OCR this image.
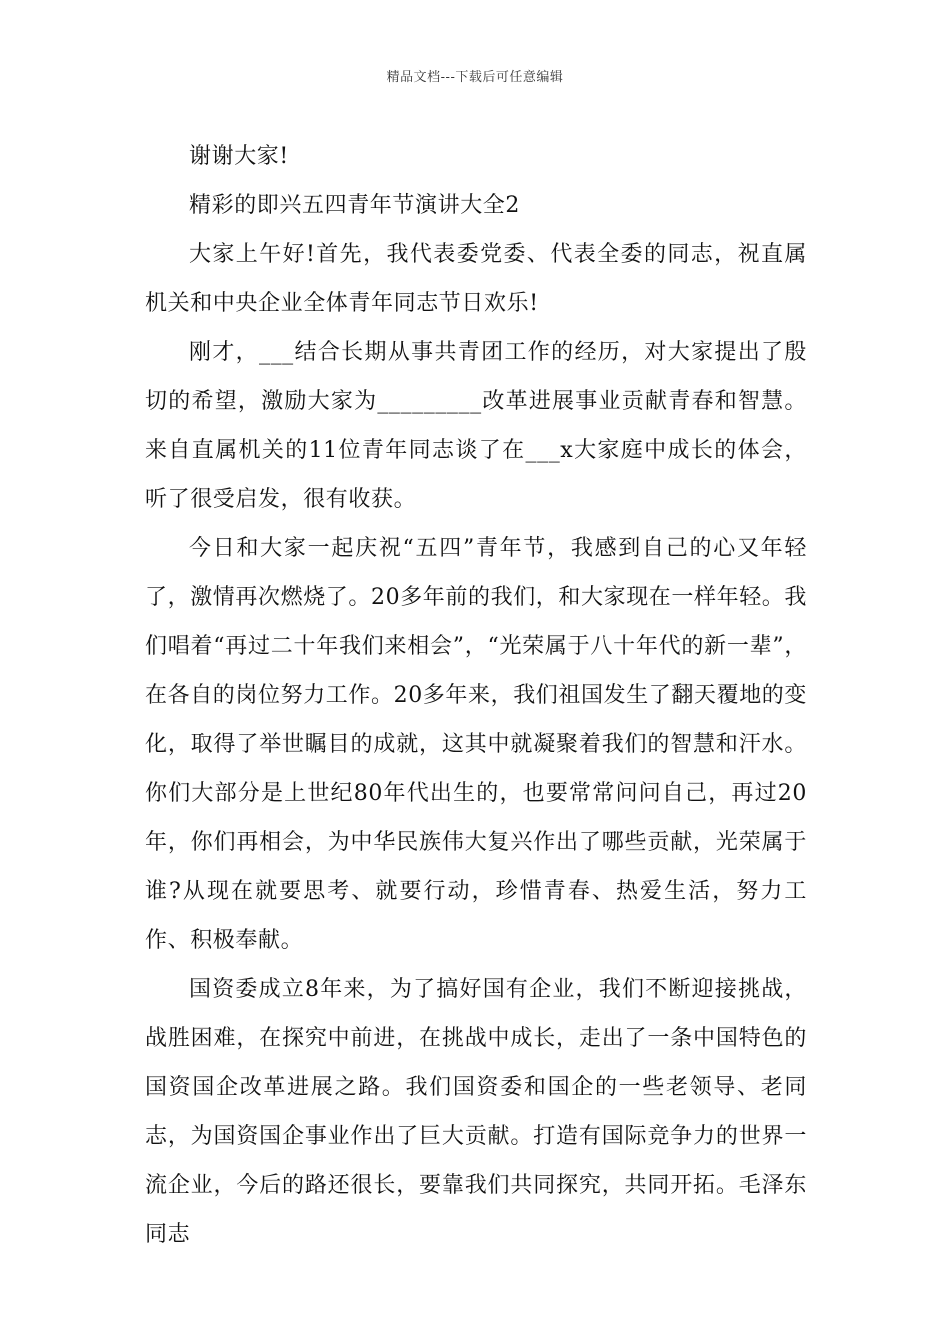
精品文档---下载后可任意编辑

谢谢大家!

精彩的即兴五四青年节演讲大全2

大家上午好!首先，我代表委党委、代表全委的同志，祝直属机关和中央企业全体青年同志节日欢乐!

刚才，___结合长期从事共青团工作的经历，对大家提出了殷切的希望，激励大家为_________改革进展事业贡献青春和智慧。来自直属机关的11位青年同志谈了在___x大家庭中成长的体会，听了很受启发，很有收获。

今日和大家一起庆祝“五四”青年节，我感到自己的心又年轻了，激情再次燃烧了。20多年前的我们，和大家现在一样年轻。我们唱着“再过二十年我们来相会”，“光荣属于八十年代的新一辈”，在各自的岗位努力工作。20多年来，我们祖国发生了翻天覆地的变化，取得了举世瞩目的成就，这其中就凝聚着我们的智慧和汗水。你们大部分是上世纪80年代出生的，也要常常问问自己，再过20年，你们再相会，为中华民族伟大复兴作出了哪些贡献，光荣属于谁?从现在就要思考、就要行动，珍惜青春、热爱生活，努力工作、积极奉献。

国资委成立8年来，为了搞好国有企业，我们不断迎接挑战，战胜困难，在探究中前进，在挑战中成长，走出了一条中国特色的国资国企改革进展之路。我们国资委和国企的一些老领导、老同志，为国资国企事业作出了巨大贡献。打造有国际竞争力的世界一流企业，今后的路还很长，要靠我们共同探究，共同开拓。毛泽东同志
